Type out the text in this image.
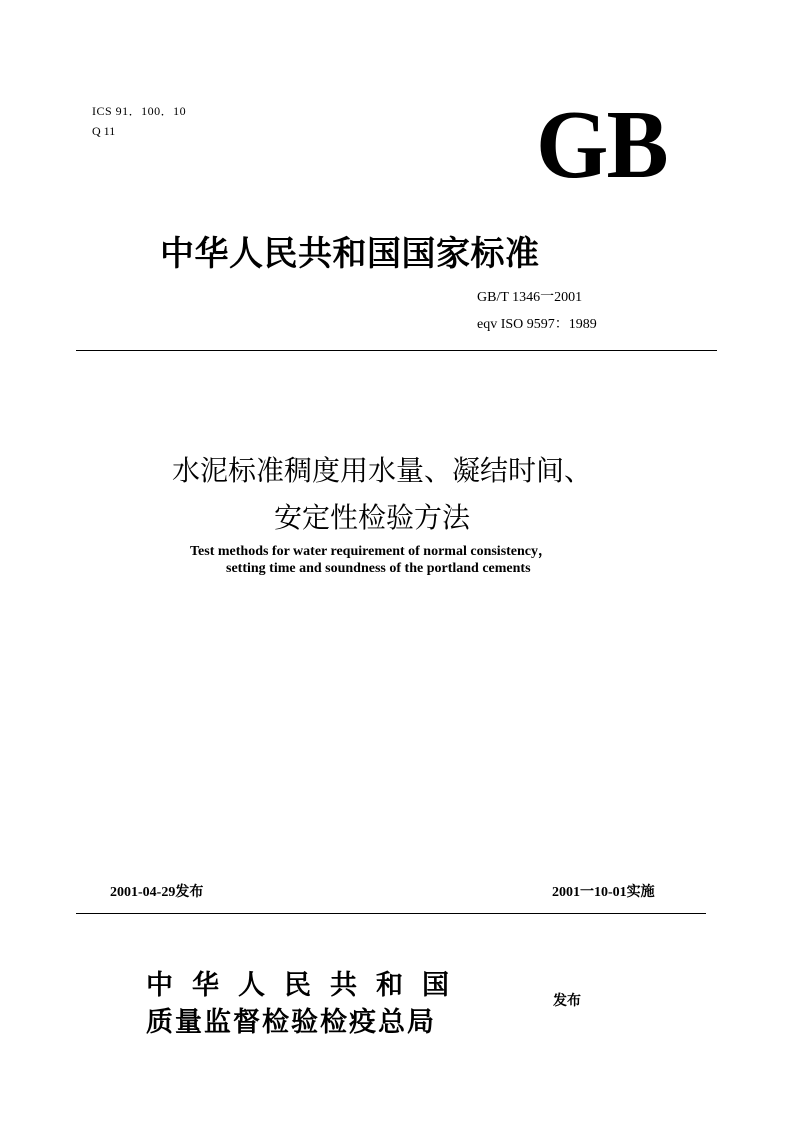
ICS 91．100．10
Q 11	GB
中华人民共和国国家标准
GB/T 1346一2001
eqv ISO 9597：1989
水泥标准稠度用水量、凝结时间、
安定性检验方法
Test methods for water requirement of normal consistency，
setting time and soundness of the portland cements
2001-04-29发布	2001一10-01实施
中华人民共和国
质量监督检验检疫总局
发布
